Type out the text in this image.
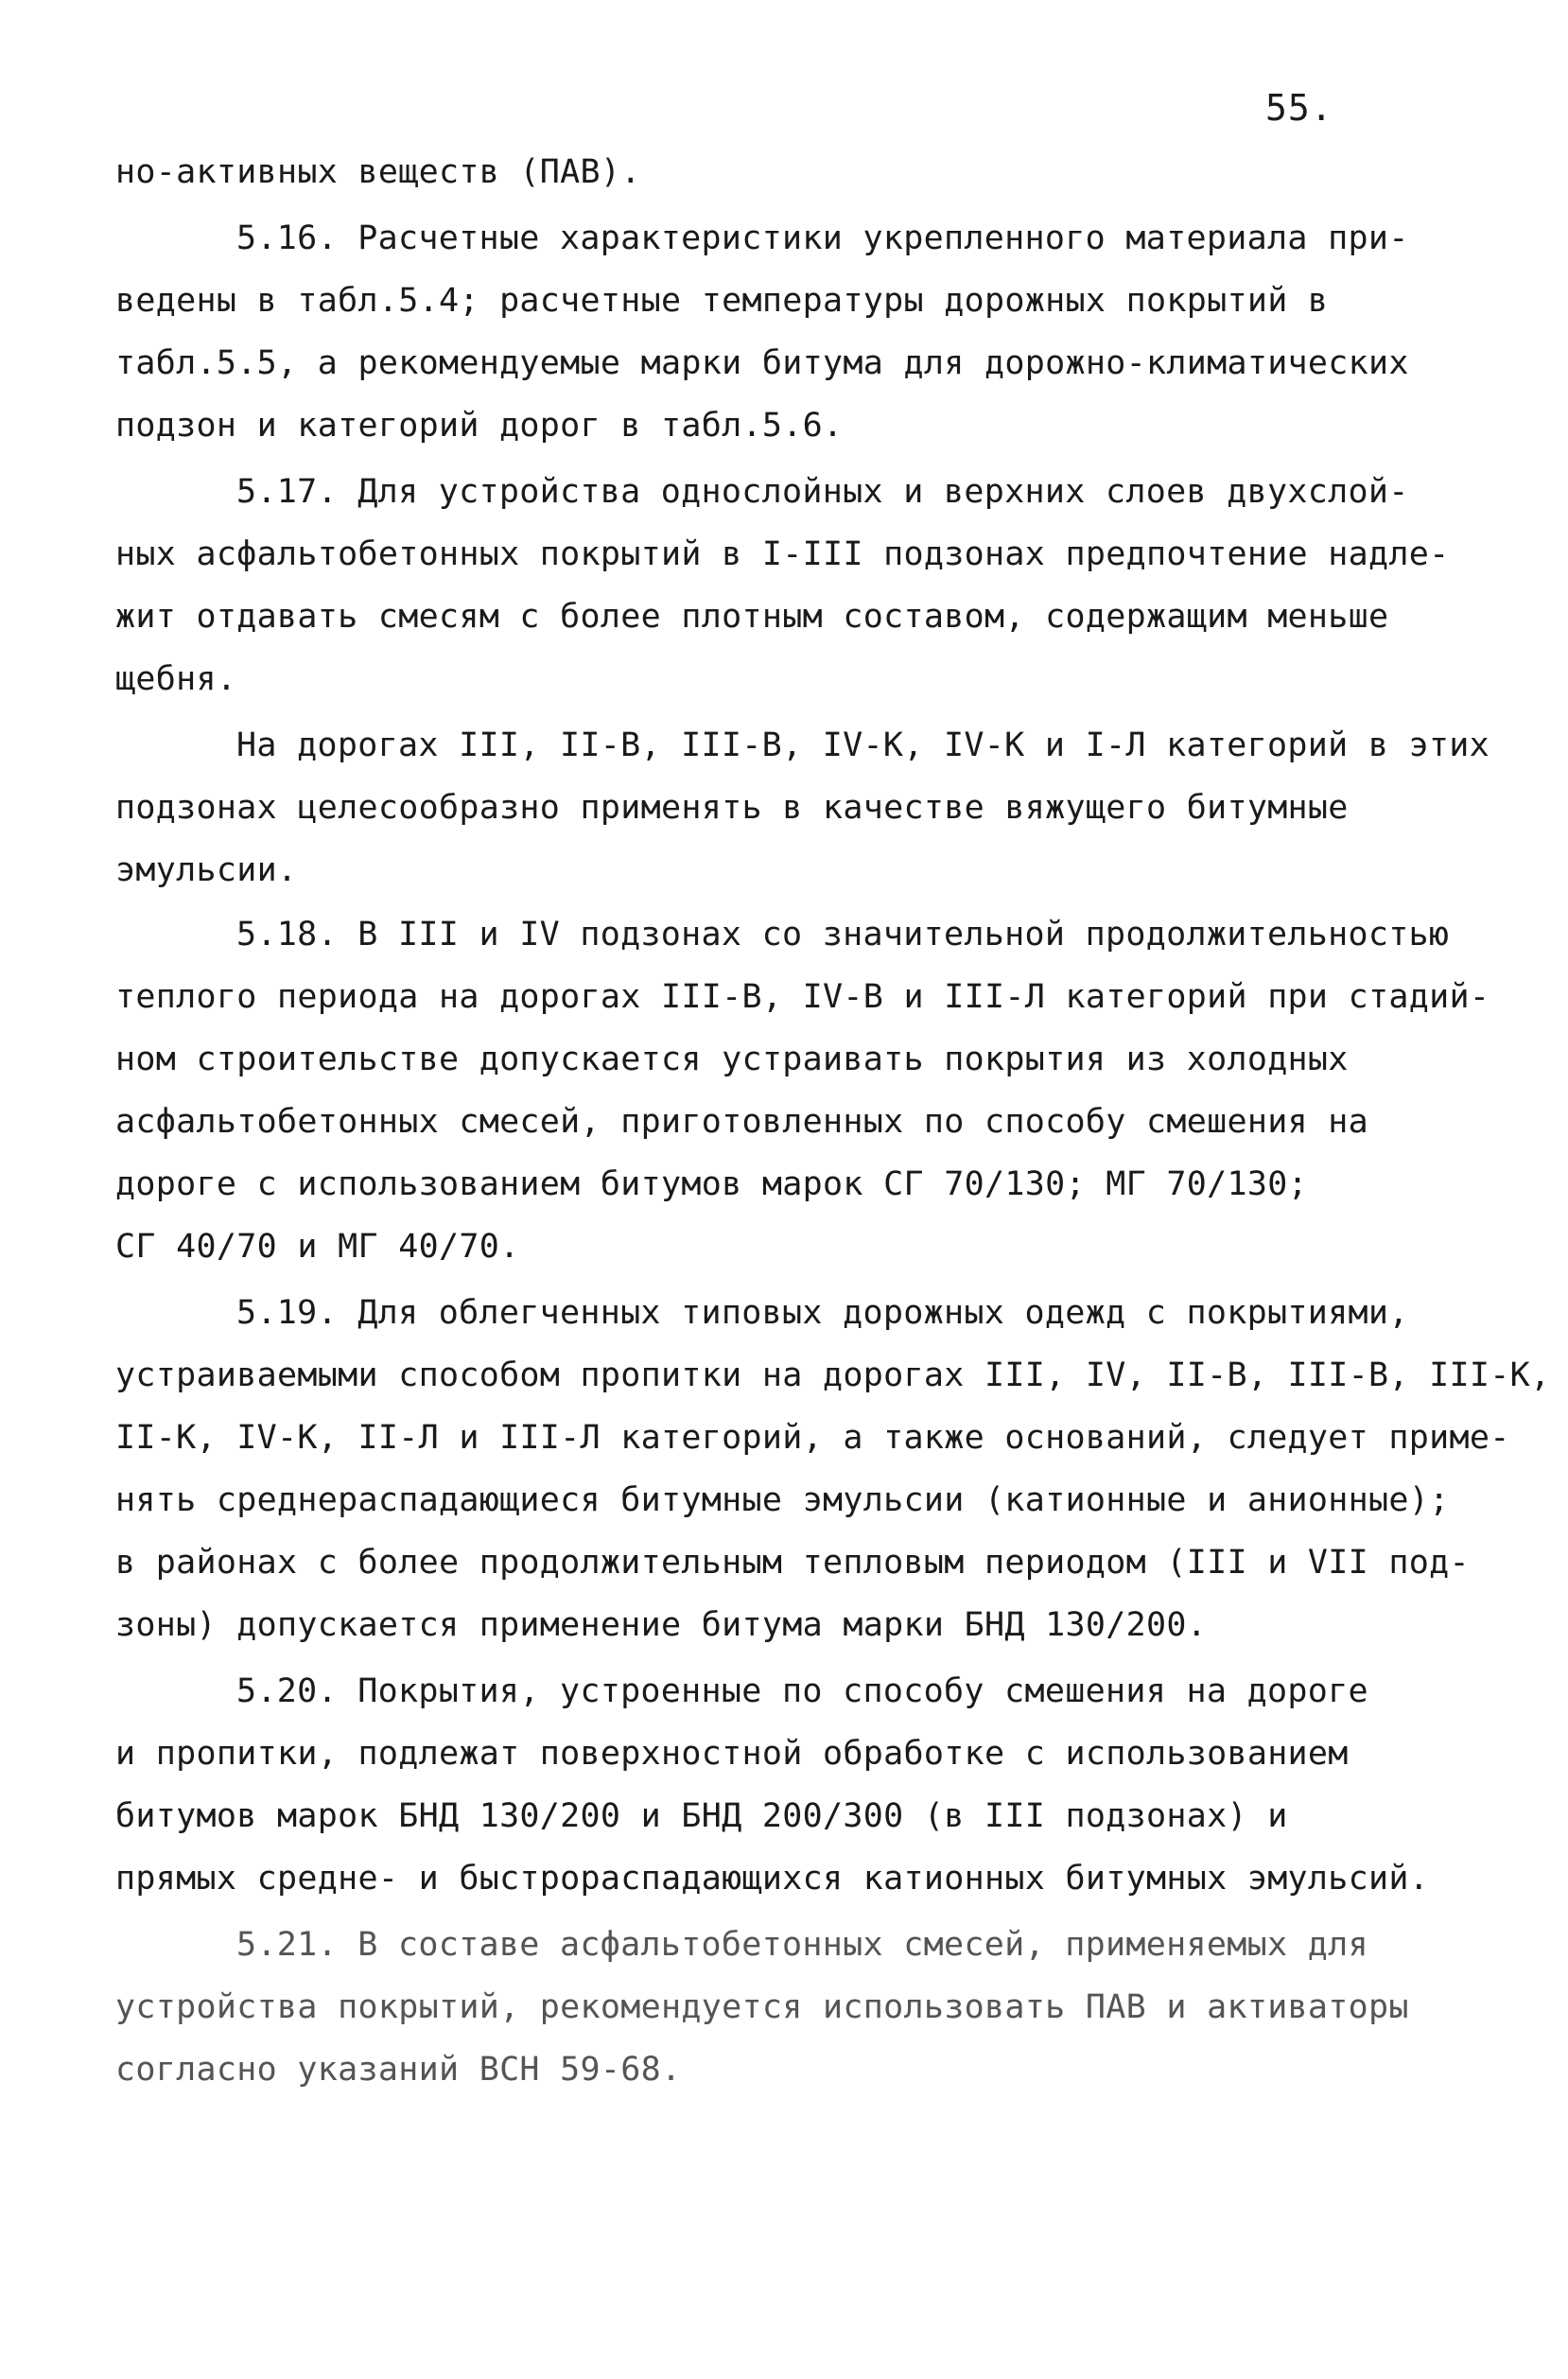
55.
но-активных веществ (ПАВ).
5.16. Расчетные характеристики укрепленного материала при-
ведены в табл.5.4; расчетные температуры дорожных покрытий в
табл.5.5, а рекомендуемые марки битума для дорожно-климатических
подзон и категорий дорог в табл.5.6.
5.17. Для устройства однослойных и верхних слоев двухслой-
ных асфальтобетонных покрытий в I-III подзонах предпочтение надле-
жит отдавать смесям с более плотным составом, содержащим меньше
щебня.
На дорогах III, II-В, III-В, IV-К, IV-К и I-Л категорий в этих
подзонах целесообразно применять в качестве вяжущего битумные
эмульсии.
5.18. В III и IV подзонах со значительной продолжительностью
теплого периода на дорогах III-В, IV-В и III-Л категорий при стадий-
ном строительстве допускается устраивать покрытия из холодных
асфальтобетонных смесей, приготовленных по способу смешения на
дороге с использованием битумов марок СГ 70/130; МГ 70/130;
СГ 40/70 и МГ 40/70.
5.19. Для облегченных типовых дорожных одежд с покрытиями,
устраиваемыми способом пропитки на дорогах III, IV, II-В, III-В, III-К,
II-К, IV-К, II-Л и III-Л категорий, а также оснований, следует приме-
нять среднераспадающиеся битумные эмульсии (катионные и анионные);
в районах с более продолжительным тепловым периодом (III и VII под-
зоны) допускается применение битума марки БНД 130/200.
5.20. Покрытия, устроенные по способу смешения на дороге
и пропитки, подлежат поверхностной обработке с использованием
битумов марок БНД 130/200 и БНД 200/300 (в III подзонах) и
прямых средне- и быстрораспадающихся катионных битумных эмульсий.
5.21. В составе асфальтобетонных смесей, применяемых для
устройства покрытий, рекомендуется использовать ПАВ и активаторы
согласно указаний ВСН 59-68.
